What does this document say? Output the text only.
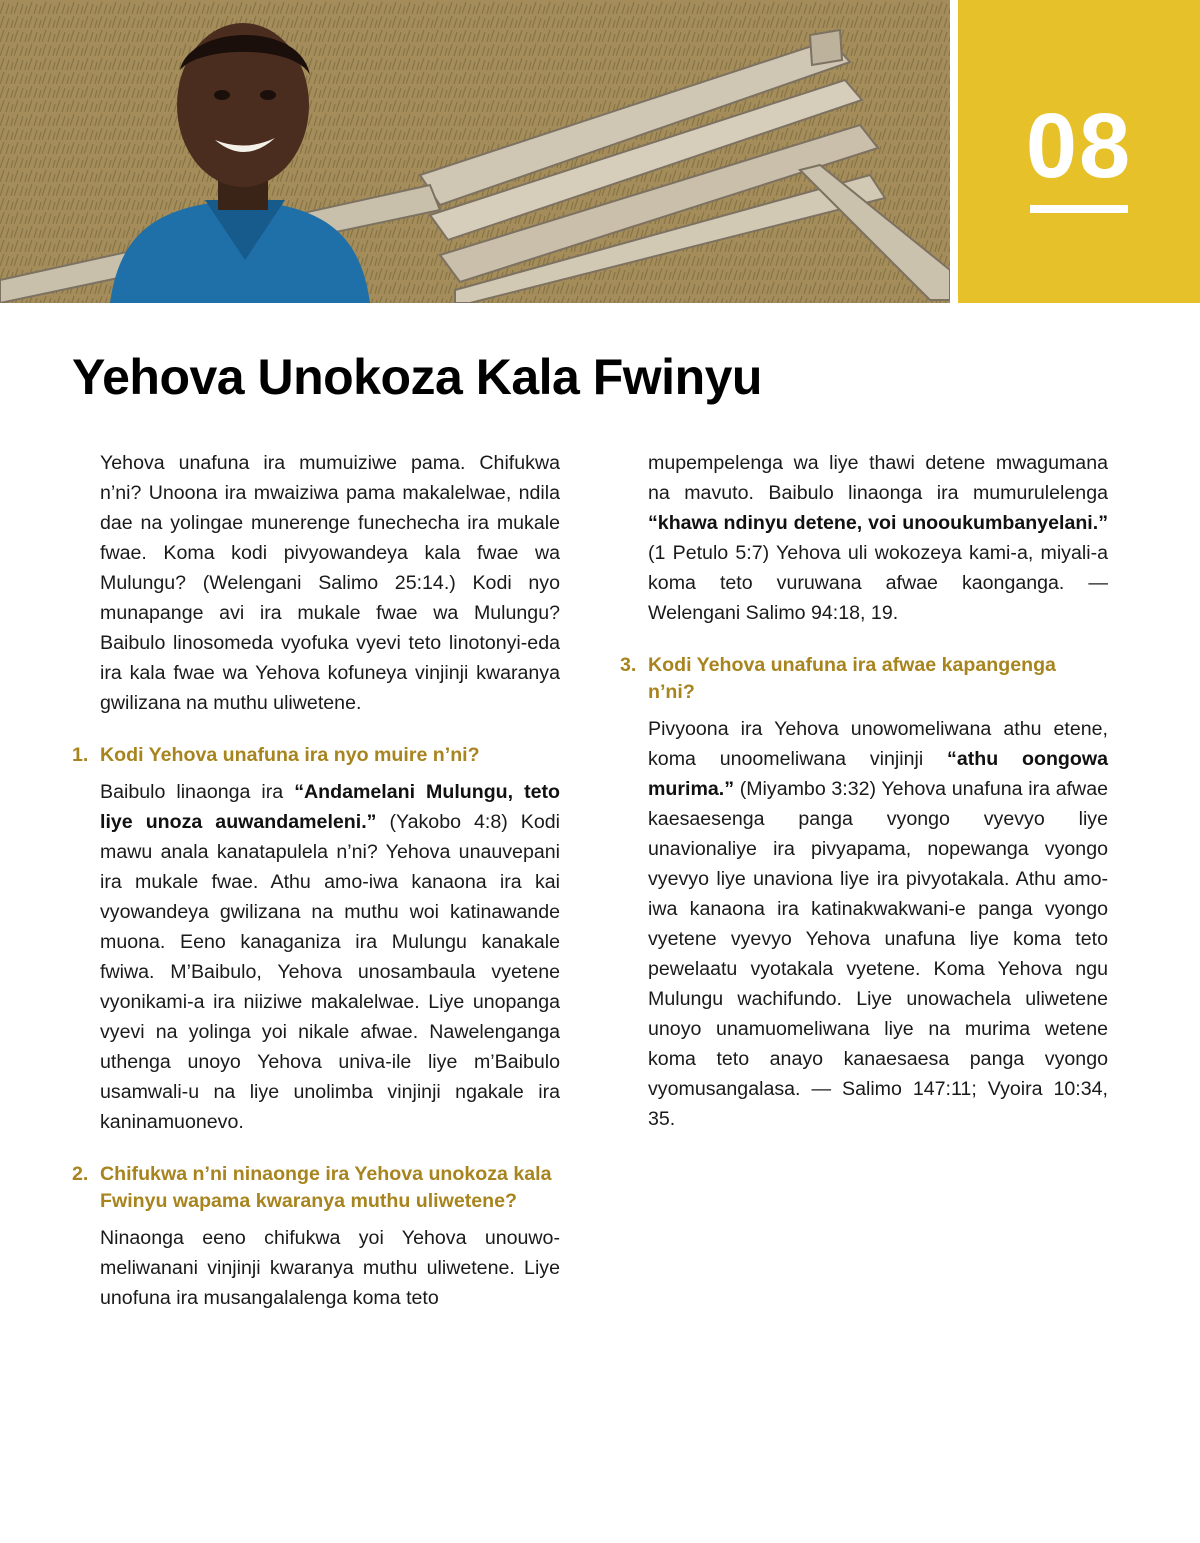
08
Yehova Unokoza Kala Fwinyu

Yehova unafuna ira mumuiziwe pama. Chifukwa n’ni? Unoona ira mwaiziwa pama makalelwae, ndila dae na yolingae munerenge funechecha ira mukale fwae. Koma kodi pivyowandeya kala fwae wa Mulungu? (Welengani Salimo 25:14.) Kodi nyo munapange avi ira mukale fwae wa Mulungu? Baibulo linosomeda vyofuka vyevi teto linotonyi-eda ira kala fwae wa Yehova kofuneya vinjinji kwaranya gwilizana na muthu uliwetene.

1. Kodi Yehova unafuna ira nyo muire n’ni?

Baibulo linaonga ira “Andamelani Mulungu, teto liye unoza auwandameleni.” (Yakobo 4:8) Kodi mawu anala kanatapulela n’ni? Yehova unauvepani ira mukale fwae. Athu amo-iwa kanaona ira kai vyowandeya gwilizana na muthu woi katinawande muona. Eeno kanaganiza ira Mulungu kanakale fwiwa. M’Baibulo, Yehova unosambaula vyetene vyonikami-a ira niiziwe makalelwae. Liye unopanga vyevi na yolinga yoi nikale afwae. Nawelenganga uthenga unoyo Yehova univa-ile liye m’Baibulo usamwali-u na liye unolimba vinjinji ngakale ira kaninamuonevo.

2. Chifukwa n’ni ninaonge ira Yehova unokoza kala Fwinyu wapama kwaranya muthu uliwetene?

Ninaonga eeno chifukwa yoi Yehova unouwomeliwanani vinjinji kwaranya muthu uliwetene. Liye unofuna ira musangalalenga koma teto

mupempelenga wa liye thawi detene mwagumana na mavuto. Baibulo linaonga ira mumurulelenga “khawa ndinyu detene, voi unooukumbanyelani.” (1 Petulo 5:7) Yehova uli wokozeya kami-a, miyali-a koma teto vuruwana afwae kaonganga. — Welengani Salimo 94:18, 19.

3. Kodi Yehova unafuna ira afwae kapangenga n’ni?

Pivyoona ira Yehova unowomeliwana athu etene, koma unoomeliwana vinjinji “athu oongowa murima.” (Miyambo 3:32) Yehova unafuna ira afwae kaesaesenga panga vyongo vyevyo liye unavionaliye ira pivyapama, nopewanga vyongo vyevyo liye unaviona liye ira pivyotakala. Athu amo-iwa kanaona ira katinakwakwani-e panga vyongo vyetene vyevyo Yehova unafuna liye koma teto pewelaatu vyotakala vyetene. Koma Yehova ngu Mulungu wachifundo. Liye unowachela uliwetene unoyo unamuomeliwana liye na murima wetene koma teto anayo kanaesaesa panga vyongo vyomusangalasa. — Salimo 147:11; Vyoira 10:34, 35.
